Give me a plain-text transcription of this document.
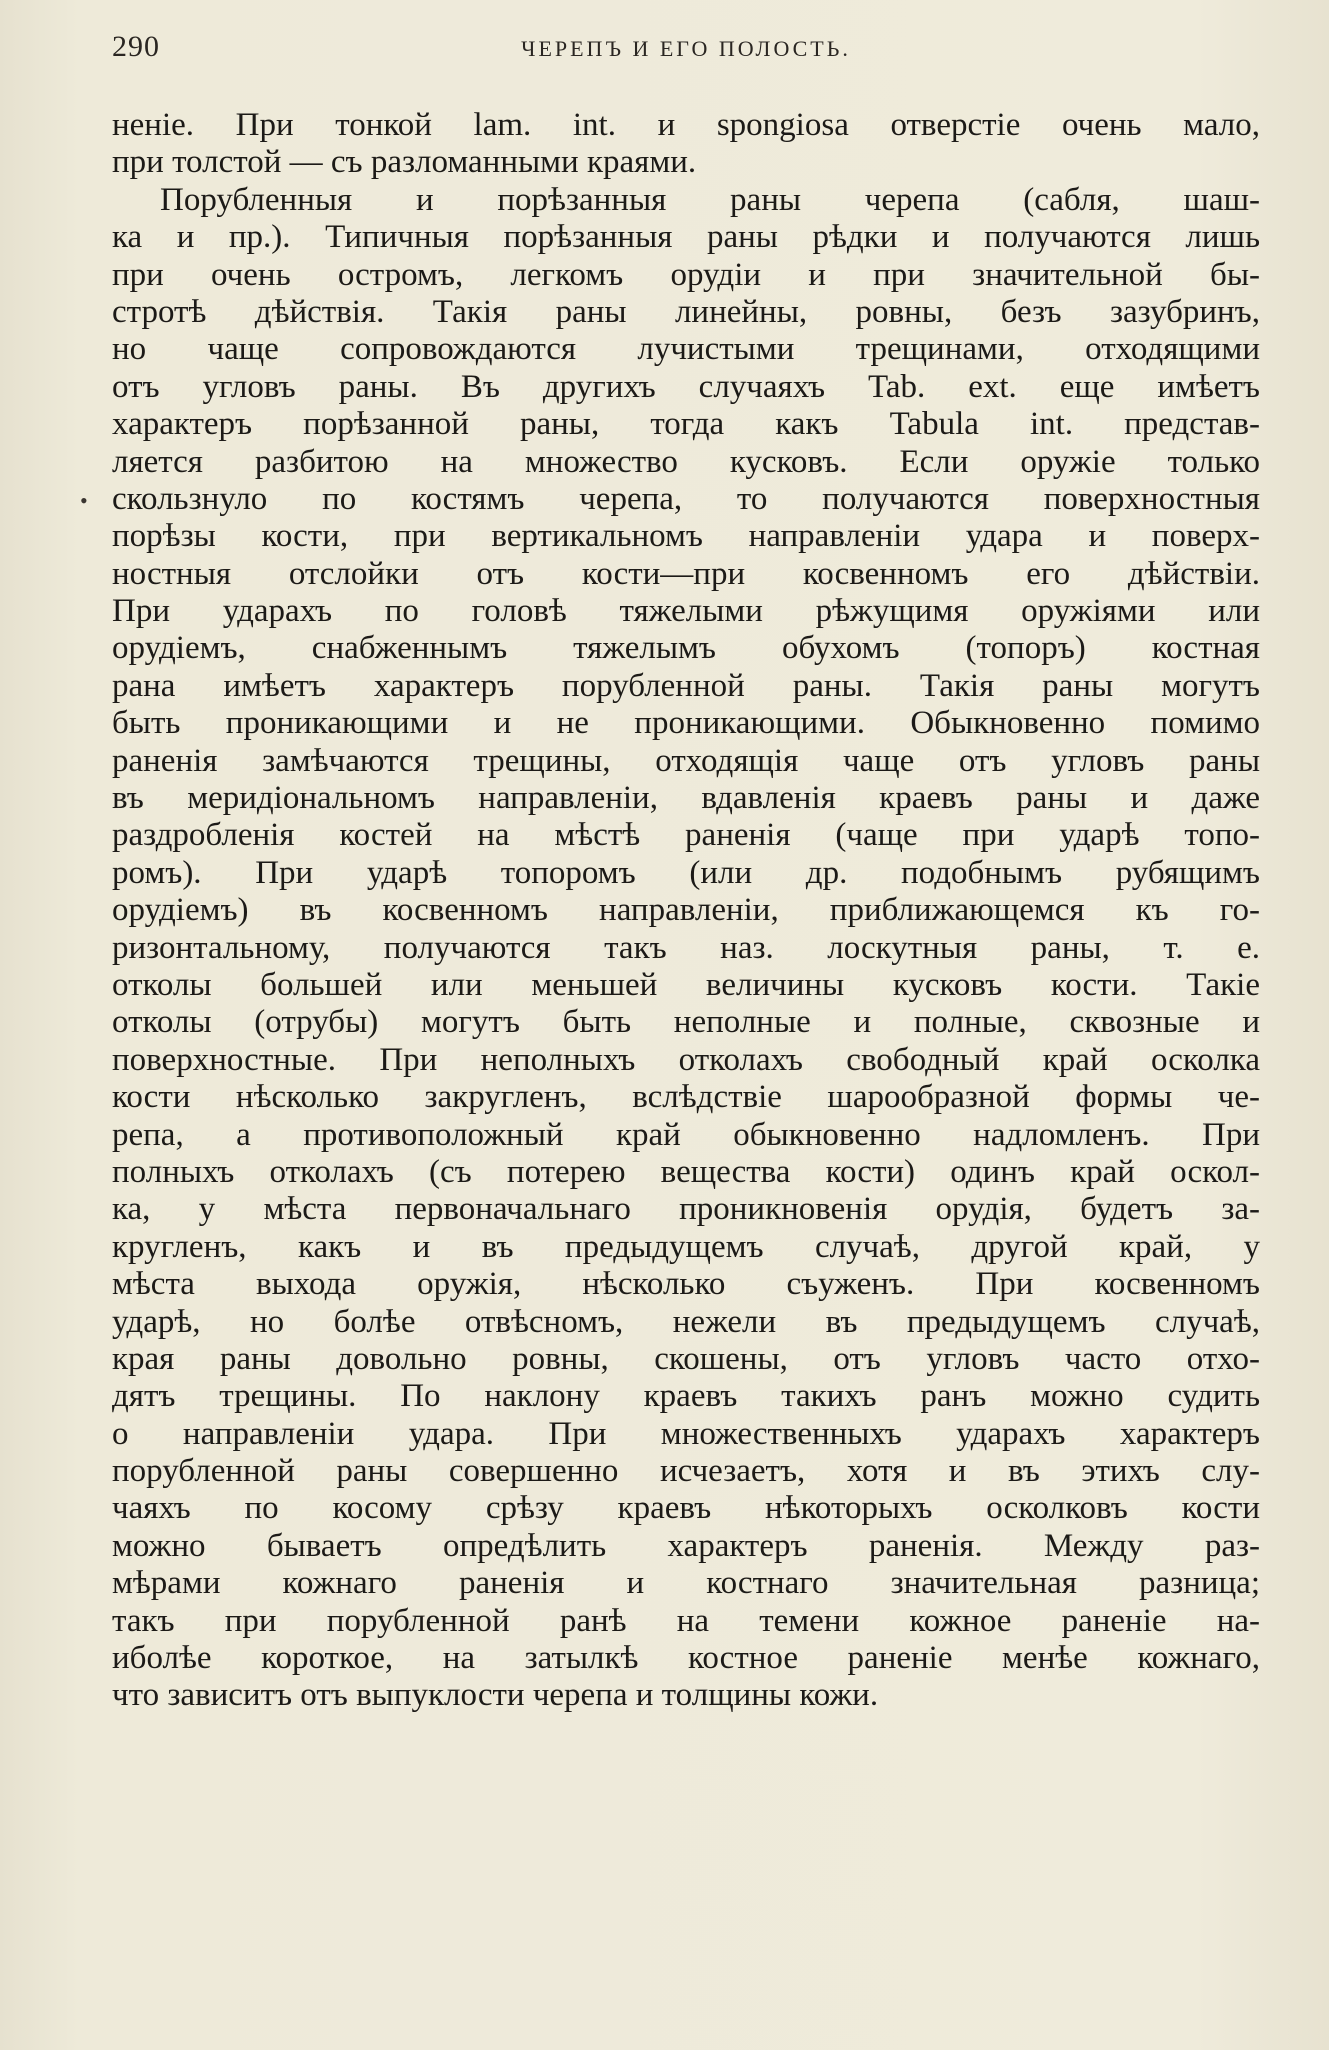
290	ЧЕРЕПЪ И ЕГО ПОЛОСТЬ.
•
ненiе. При тонкой lam. int. и spongiosa отверстiе очень мало,
при толстой — съ разломанными краями.
Порубленныя и порѣзанныя раны черепа (сабля, шаш-
ка и пр.). Типичныя порѣзанныя раны рѣдки и получаются лишь
при очень остромъ, легкомъ орудiи и при значительной бы-
стротѣ дѣйствiя. Такiя раны линейны, ровны, безъ зазубринъ,
но чаще сопровождаются лучистыми трещинами, отходящими
отъ угловъ раны. Въ другихъ случаяхъ Tab. ext. еще имѣетъ
характеръ порѣзанной раны, тогда какъ Tabula int. представ-
ляется разбитою на множество кусковъ. Если оружiе только
скользнуло по костямъ черепа, то получаются поверхностныя
порѣзы кости, при вертикальномъ направленiи удара и поверх-
ностныя отслойки отъ кости—при косвенномъ его дѣйствiи.
При ударахъ по головѣ тяжелыми рѣжущимя оружiями или
орудiемъ, снабженнымъ тяжелымъ обухомъ (топоръ) костная
рана имѣетъ характеръ порубленной раны. Такiя раны могутъ
быть проникающими и не проникающими. Обыкновенно помимо
раненiя замѣчаются трещины, отходящiя чаще отъ угловъ раны
въ меридiональномъ направленiи, вдавленiя краевъ раны и даже
раздробленiя костей на мѣстѣ раненiя (чаще при ударѣ топо-
ромъ). При ударѣ топоромъ (или др. подобнымъ рубящимъ
орудiемъ) въ косвенномъ направленiи, приближающемся къ го-
ризонтальному, получаются такъ наз. лоскутныя раны, т. е.
отколы большей или меньшей величины кусковъ кости. Такiе
отколы (отрубы) могутъ быть неполные и полные, сквозные и
поверхностные. При неполныхъ отколахъ свободный край осколка
кости нѣсколько закругленъ, вслѣдствiе шарообразной формы че-
репа, а противоположный край обыкновенно надломленъ. При
полныхъ отколахъ (съ потерею вещества кости) одинъ край оскол-
ка, у мѣста первоначальнаго проникновенiя орудiя, будетъ за-
кругленъ, какъ и въ предыдущемъ случаѣ, другой край, у
мѣста выхода оружiя, нѣсколько съуженъ. При косвенномъ
ударѣ, но болѣе отвѣсномъ, нежели въ предыдущемъ случаѣ,
края раны довольно ровны, скошены, отъ угловъ часто отхо-
дятъ трещины. По наклону краевъ такихъ ранъ можно судить
о направленiи удара. При множественныхъ ударахъ характеръ
порубленной раны совершенно исчезаетъ, хотя и въ этихъ слу-
чаяхъ по косому срѣзу краевъ нѣкоторыхъ осколковъ кости
можно бываетъ опредѣлить характеръ раненiя. Между раз-
мѣрами кожнаго раненiя и костнаго значительная разница;
такъ при порубленной ранѣ на темени кожное раненiе на-
иболѣе короткое, на затылкѣ костное раненiе менѣе кожнаго,
что зависитъ отъ выпуклости черепа и толщины кожи.
